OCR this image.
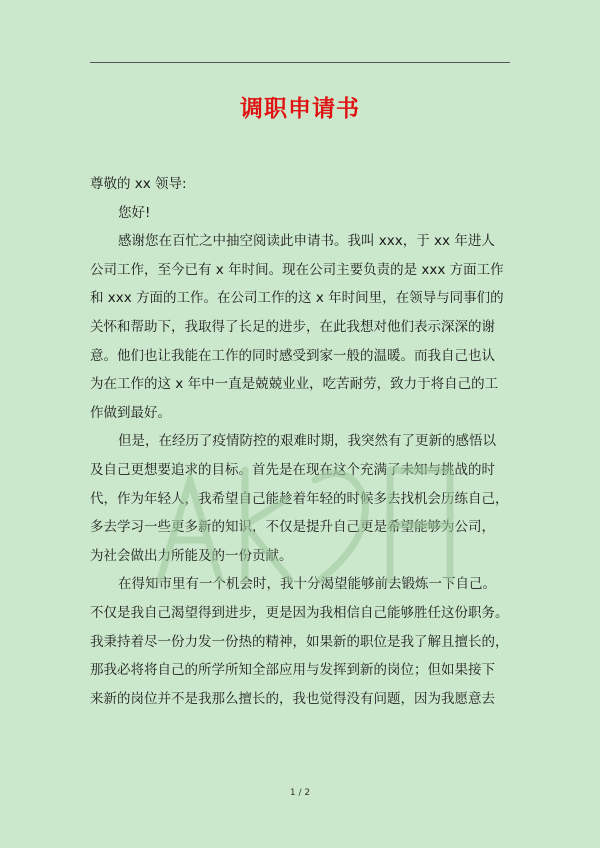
调职申请书
尊敬的 xx 领导:
您好!
感谢您在百忙之中抽空阅读此申请书。我叫 xxx，于 xx 年进人
公司工作，至今已有 x 年时间。现在公司主要负责的是 xxx 方面工作
和 xxx 方面的工作。在公司工作的这 x 年时间里，在领导与同事们的
关怀和帮助下，我取得了长足的进步，在此我想对他们表示深深的谢
意。他们也让我能在工作的同时感受到家一般的温暖。而我自己也认
为在工作的这 x 年中一直是兢兢业业，吃苦耐劳，致力于将自己的工
作做到最好。
但是，在经历了疫情防控的艰难时期，我突然有了更新的感悟以
及自己更想要追求的目标。首先是在现在这个充满了未知与挑战的时
代，作为年轻人，我希望自己能趁着年轻的时候多去找机会历练自己，
多去学习一些更多新的知识，不仅是提升自己更是希望能够为公司，
为社会做出力所能及的一份贡献。
在得知市里有一个机会时，我十分渴望能够前去锻炼一下自己。
不仅是我自己渴望得到进步，更是因为我相信自己能够胜任这份职务。
我秉持着尽一份力发一份热的精神，如果新的职位是我了解且擅长的，
那我必将将自己的所学所知全部应用与发挥到新的岗位；但如果接下
来新的岗位并不是我那么擅长的，我也觉得没有问题，因为我愿意去
1 / 2
